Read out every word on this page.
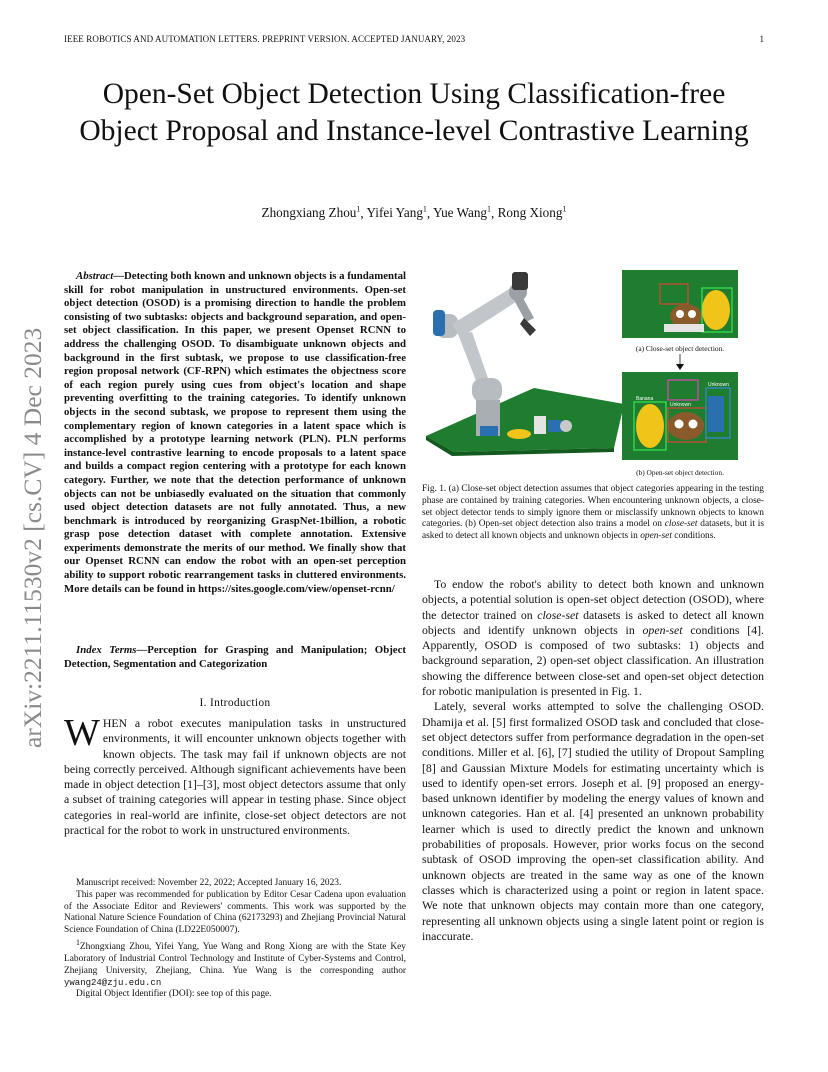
IEEE ROBOTICS AND AUTOMATION LETTERS. PREPRINT VERSION. ACCEPTED JANUARY, 2023	1
arXiv:2211.11530v2 [cs.CV] 4 Dec 2023
Open-Set Object Detection Using Classification-free Object Proposal and Instance-level Contrastive Learning
Zhongxiang Zhou$^1$, Yifei Yang$^1$, Yue Wang$^1$, Rong Xiong$^1$
Abstract—Detecting both known and unknown objects is a fundamental skill for robot manipulation in unstructured environments. Open-set object detection (OSOD) is a promising direction to handle the problem consisting of two subtasks: objects and background separation, and open-set object classification. In this paper, we present Openset RCNN to address the challenging OSOD. To disambiguate unknown objects and background in the first subtask, we propose to use classification-free region proposal network (CF-RPN) which estimates the objectness score of each region purely using cues from object's location and shape preventing overfitting to the training categories. To identify unknown objects in the second subtask, we propose to represent them using the complementary region of known categories in a latent space which is accomplished by a prototype learning network (PLN). PLN performs instance-level contrastive learning to encode proposals to a latent space and builds a compact region centering with a prototype for each known category. Further, we note that the detection performance of unknown objects can not be unbiasedly evaluated on the situation that commonly used object detection datasets are not fully annotated. Thus, a new benchmark is introduced by reorganizing GraspNet-1billion, a robotic grasp pose detection dataset with complete annotation. Extensive experiments demonstrate the merits of our method. We finally show that our Openset RCNN can endow the robot with an open-set perception ability to support robotic rearrangement tasks in cluttered environments. More details can be found in https://sites.google.com/view/openset-rcnn/
Index Terms—Perception for Grasping and Manipulation; Object Detection, Segmentation and Categorization
I. Introduction
WHEN a robot executes manipulation tasks in unstructured environments, it will encounter unknown objects together with known objects. The task may fail if unknown objects are not being correctly perceived. Although significant achievements have been made in object detection [1]–[3], most object detectors assume that only a subset of training categories will appear in testing phase. Since object categories in real-world are infinite, close-set object detectors are not practical for the robot to work in unstructured environments.

Manuscript received: November 22, 2022; Accepted January 16, 2023.

This paper was recommended for publication by Editor Cesar Cadena upon evaluation of the Associate Editor and Reviewers' comments. This work was supported by the National Nature Science Foundation of China (62173293) and Zhejiang Provincial Natural Science Foundation of China (LD22E050007).

$^1$Zhongxiang Zhou, Yifei Yang, Yue Wang and Rong Xiong are with the State Key Laboratory of Industrial Control Technology and Institute of Cyber-Systems and Control, Zhejiang University, Zhejiang, China. Yue Wang is the corresponding author ywang24@zju.edu.cn

Digital Object Identifier (DOI): see top of this page.

(a) Close-set object detection.
Banana
Unknown
Unknown
(b) Open-set object detection.
Fig. 1. (a) Close-set object detection assumes that object categories appearing in the testing phase are contained by training categories. When encountering unknown objects, a close-set object detector tends to simply ignore them or misclassify unknown objects to known categories. (b) Open-set object detection also trains a model on close-set datasets, but it is asked to detect all known objects and unknown objects in open-set conditions.

To endow the robot's ability to detect both known and unknown objects, a potential solution is open-set object detection (OSOD), where the detector trained on close-set datasets is asked to detect all known objects and identify unknown objects in open-set conditions [4]. Apparently, OSOD is composed of two subtasks: 1) objects and background separation, 2) open-set object classification. An illustration showing the difference between close-set and open-set object detection for robotic manipulation is presented in Fig. 1.

Lately, several works attempted to solve the challenging OSOD. Dhamija et al. [5] first formalized OSOD task and concluded that close-set object detectors suffer from performance degradation in the open-set conditions. Miller et al. [6], [7] studied the utility of Dropout Sampling [8] and Gaussian Mixture Models for estimating uncertainty which is used to identify open-set errors. Joseph et al. [9] proposed an energy-based unknown identifier by modeling the energy values of known and unknown categories. Han et al. [4] presented an unknown probability learner which is used to directly predict the known and unknown probabilities of proposals. However, prior works focus on the second subtask of OSOD improving the open-set classification ability. And unknown objects are treated in the same way as one of the known classes which is characterized using a point or region in latent space. We note that unknown objects may contain more than one category, representing all unknown objects using a single latent point or region is inaccurate.
